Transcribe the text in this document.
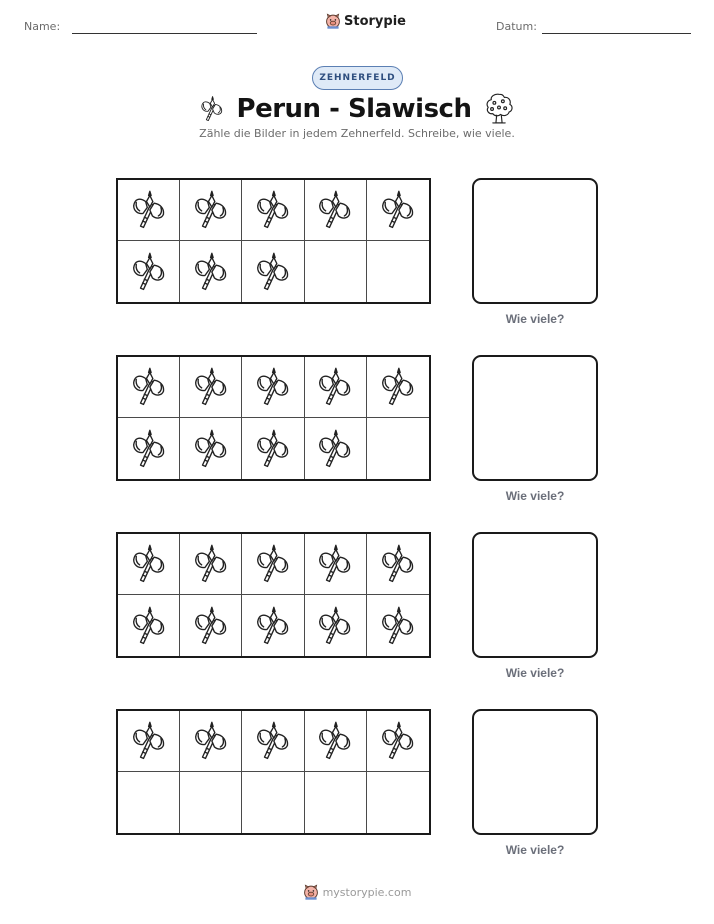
Name:	Storypie	Datum:
ZEHNERFELD
Perun - Slawisch
Zähle die Bilder in jedem Zehnerfeld. Schreibe, wie viele.
Wie viele?
Wie viele?
Wie viele?
Wie viele?
mystorypie.com
